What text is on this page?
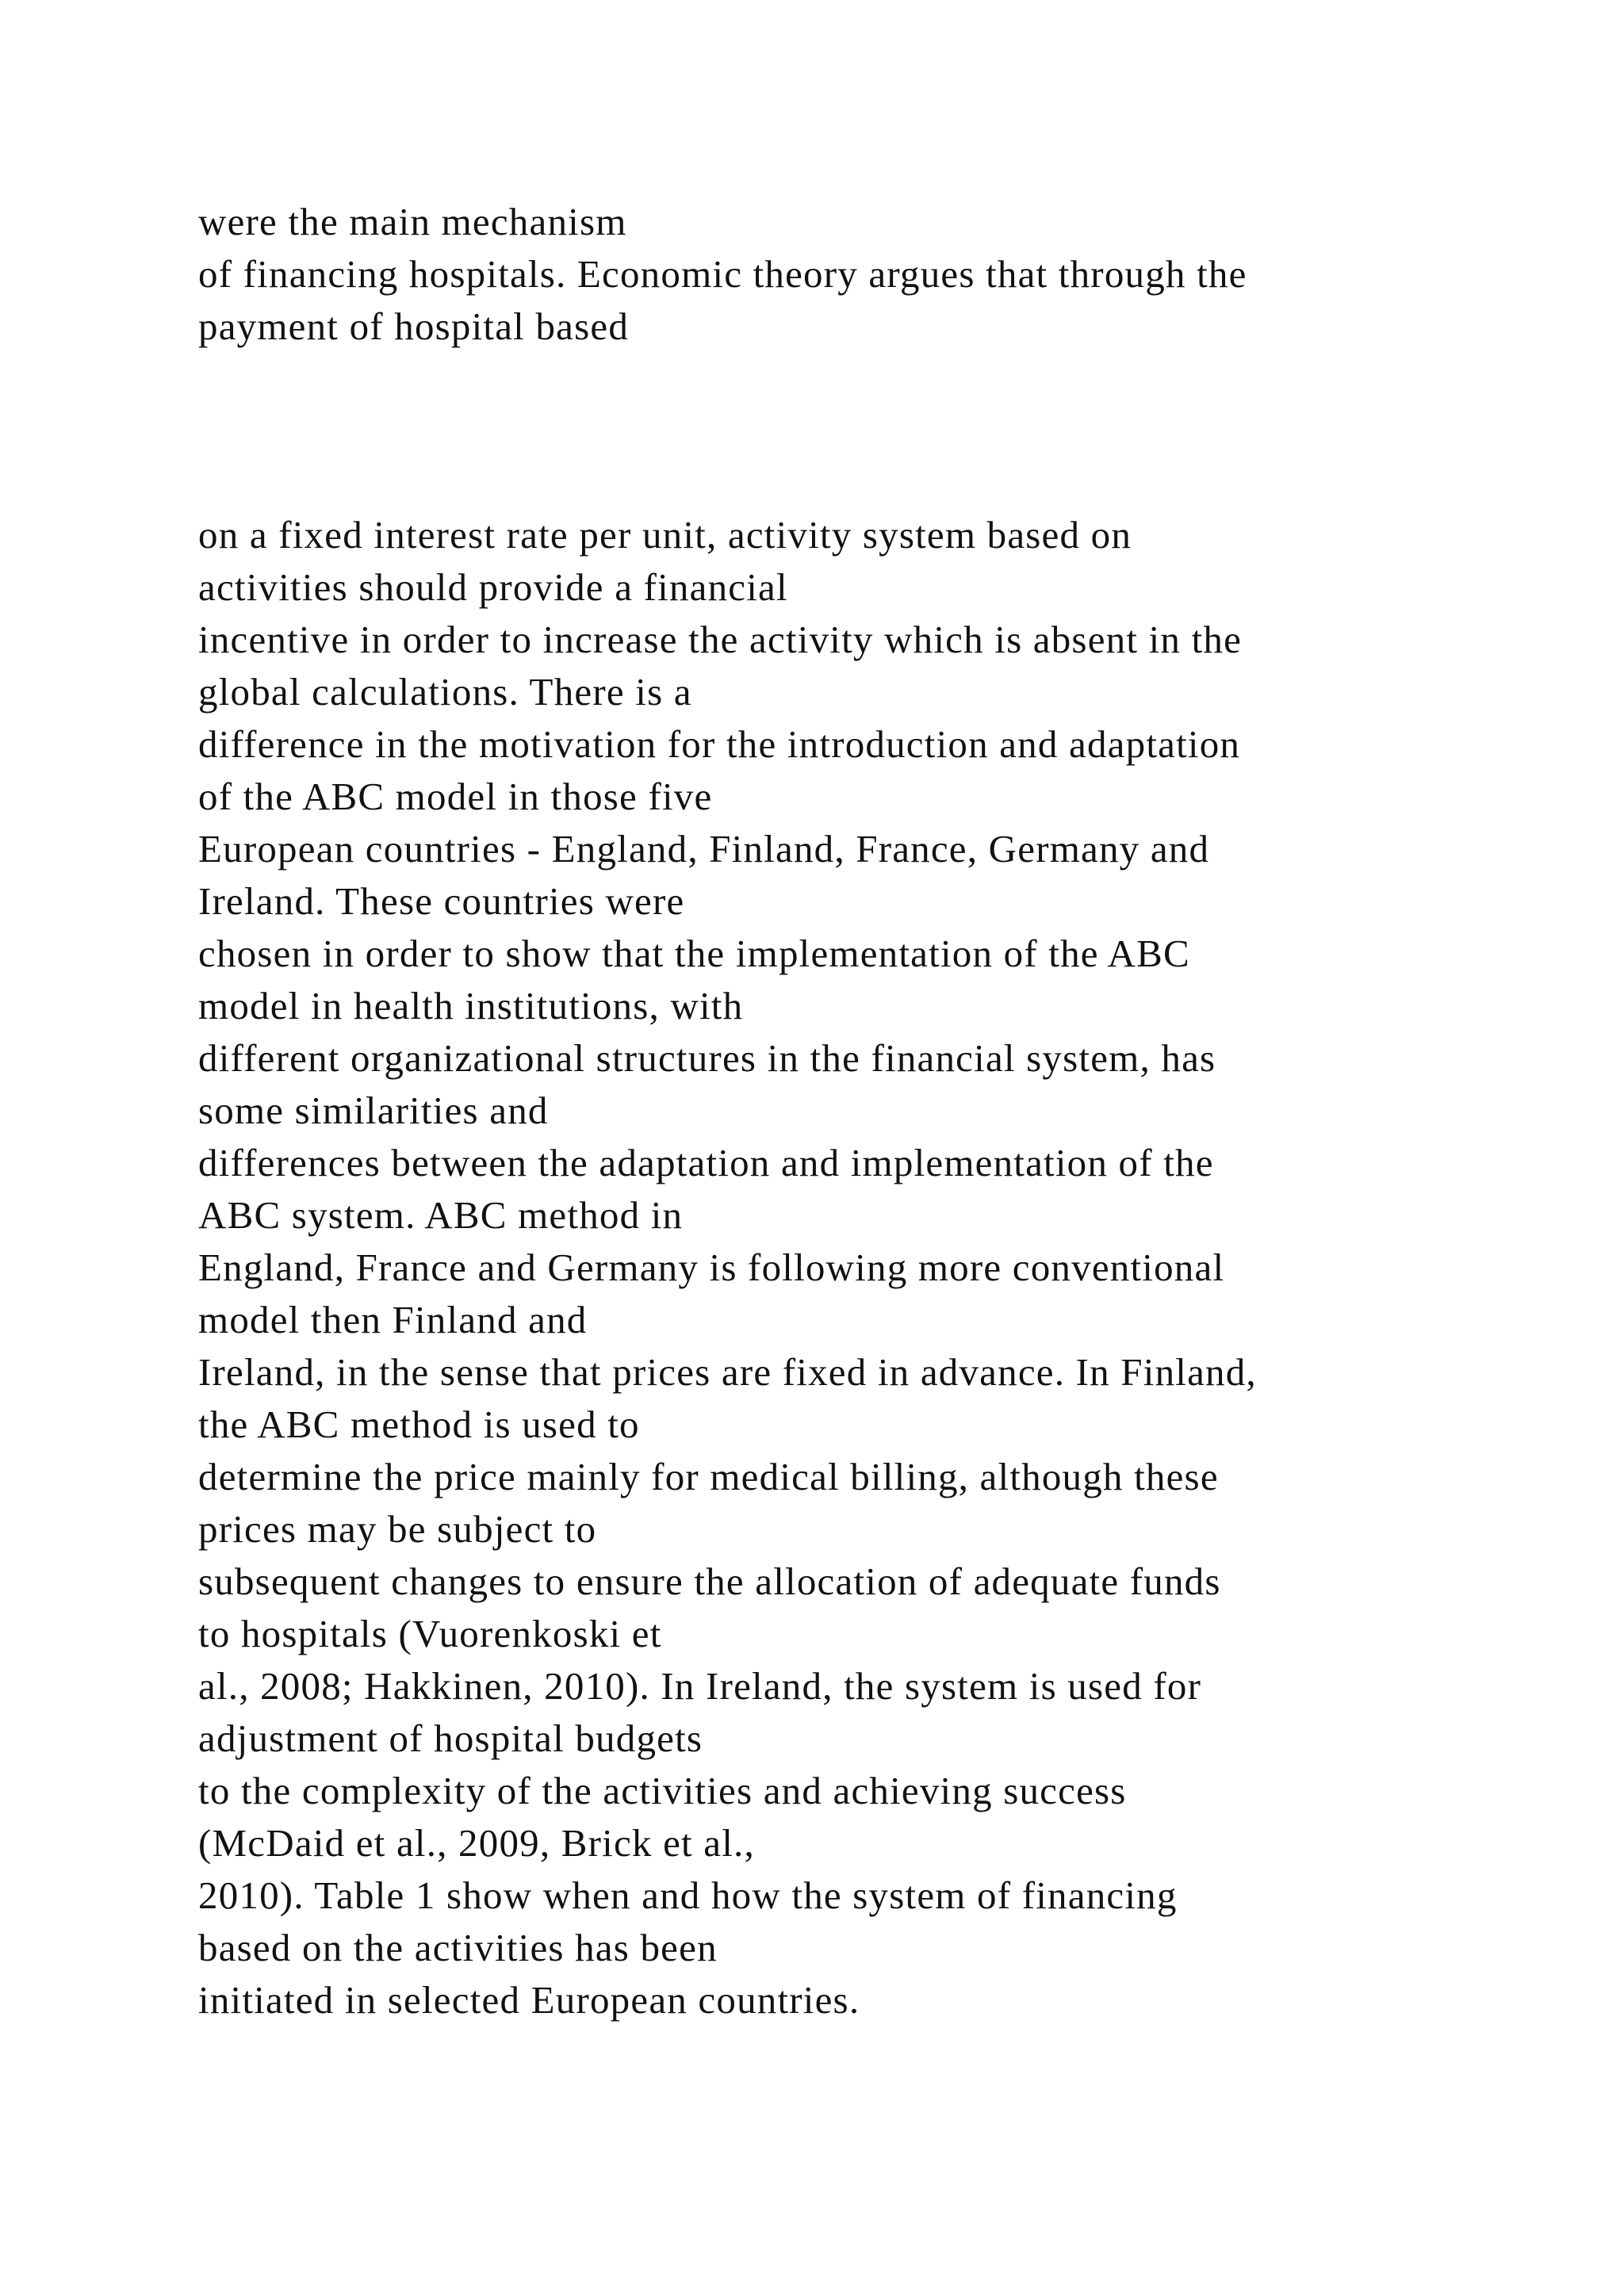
were the main mechanism
of financing hospitals. Economic theory argues that through the
payment of hospital based
on a fixed interest rate per unit, activity system based on
activities should provide a financial
incentive in order to increase the activity which is absent in the
global calculations. There is a
difference in the motivation for the introduction and adaptation
of the ABC model in those five
European countries - England, Finland, France, Germany and
Ireland. These countries were
chosen in order to show that the implementation of the ABC
model in health institutions, with
different organizational structures in the financial system, has
some similarities and
differences between the adaptation and implementation of the
ABC system. ABC method in
England, France and Germany is following more conventional
model then Finland and
Ireland, in the sense that prices are fixed in advance. In Finland,
the ABC method is used to
determine the price mainly for medical billing, although these
prices may be subject to
subsequent changes to ensure the allocation of adequate funds
to hospitals (Vuorenkoski et
al., 2008; Hakkinen, 2010). In Ireland, the system is used for
adjustment of hospital budgets
to the complexity of the activities and achieving success
(McDaid et al., 2009, Brick et al.,
2010). Table 1 show when and how the system of financing
based on the activities has been
initiated in selected European countries.
